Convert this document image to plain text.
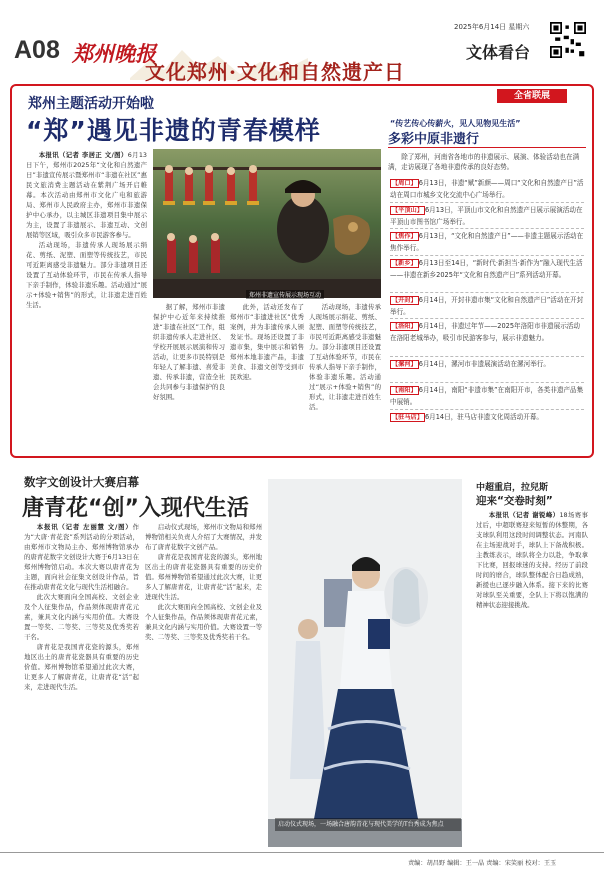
A08 郑州晚报
文化郑州·文化和自然遗产日
2025年6月14日 星期六
文体看台
全省联展
郑州主题活动开始啦
“郑”遇见非遗的青春模样

本报讯（记者 李居正 文/图）6月13日下午，郑州市2025年“文化和自然遗产日”非遗宣传展示暨郑州市“非遗在社区”惠民文旅消费主题活动在紫荆广场开启帷幕。本次活动由郑州市文化广电和旅游局、郑州市人民政府主办，郑州市非遗保护中心承办，以主城区非遗项目集中展示为主，设置了非遗展示、非遗互动、文创展销等区域，吸引众多市民游客参与。

活动现场，非遗传承人现场展示绢花、剪纸、泥塑、面塑等传统技艺，市民可近距离感受非遗魅力。部分非遗项目还设置了互动体验环节，市民在传承人指导下亲手制作，体验非遗乐趣。活动通过“展示+体验+销售”的形式，让非遗走进百姓生活。

郑州非遗宣传展示现场互动

据了解，郑州市非遗保护中心近年来持续推进“非遗在社区”工作，组织非遗传承人走进社区、学校开展展示展演和传习活动，让更多市民特别是年轻人了解非遗、喜爱非遗、传承非遗，营造全社会共同参与非遗保护的良好氛围。

此外，活动还发布了郑州市“非遗进社区”优秀案例，并为非遗传承人颁发证书。现场还设置了非遗市集，集中展示和销售郑州本地非遗产品，非遗美食、非遗文创等受到市民欢迎。

活动现场，非遗传承人现场展示绢花、剪纸、泥塑、面塑等传统技艺，市民可近距离感受非遗魅力。部分非遗项目还设置了互动体验环节，市民在传承人指导下亲手制作，体验非遗乐趣。活动通过“展示+体验+销售”的形式，让非遗走进百姓生活。

“传艺传心传薪火，见人见物见生活”
多彩中原非遗行
除了郑州，河南省各地市的非遗展示、展演、体验活动也在满满，走访展现了各地非遗传承的良好态势。
【周口】 6月13日，非遗“赋”新颜——周口“文化和自然遗产日”活动在周口市城乡文化交流中心广场举行。
【平顶山】 6月13日，平顶山市文化和自然遗产日展示展演活动在平顶山市图书馆广场举行。
【焦作】 6月13日，“文化和自然遗产日”——非遗主题展示活动在焦作举行。
【新乡】 6月13日至14日，“新时代·新担当·新作为”融入现代生活——非遗在新乡2025年“文化和自然遗产日”系列活动开幕。
【开封】 6月14日，开封非遗市集“文化和自然遗产日”活动在开封举行。
【洛阳】 6月14日，非遗过年节——2025年洛阳市非遗展示活动在洛阳老城举办，吸引市民游客参与，展示非遗魅力。
【漯河】 6月14日，漯河市非遗展演活动在漯河举行。
【南阳】 6月14日，南阳“非遗市集”在南阳开市，各类非遗产品集中展销。
【驻马店】 6月14日，驻马店非遗文化周活动开幕。
数字文创设计大赛启幕
唐青花“创”入现代生活

本报讯（记者 左丽慧 文/图）作为“大唐·青花瓷”系列活动的分项活动，由郑州市文物局主办、郑州博物馆承办的唐青花数字文创设计大赛于6月13日在郑州博物馆启动。本次大赛以唐青花为主题，面向社会征集文创设计作品，旨在推动唐青花文化与现代生活相融合。

此次大赛面向全国高校、文创企业及个人征集作品，作品须体现唐青花元素，兼具文化内涵与实用价值。大赛设置一等奖、二等奖、三等奖及优秀奖若干名。

唐青花是我国青花瓷的源头，郑州地区出土的唐青花瓷器具有重要的历史价值。郑州博物馆希望通过此次大赛，让更多人了解唐青花，让唐青花“活”起来，走进现代生活。

启动仪式现场，郑州市文物局和郑州博物馆相关负责人介绍了大赛情况，并发布了唐青花数字文创产品。

唐青花是我国青花瓷的源头，郑州地区出土的唐青花瓷器具有重要的历史价值。郑州博物馆希望通过此次大赛，让更多人了解唐青花，让唐青花“活”起来，走进现代生活。

此次大赛面向全国高校、文创企业及个人征集作品，作品须体现唐青花元素，兼具文化内涵与实用价值。大赛设置一等奖、二等奖、三等奖及优秀奖若干名。

启动仪式现场，一场融合唐韵青花与现代美学的T台秀成为焦点
中超重启，拉兒斯
迎来“交卷时刻”

本报讯（记者 谢锐峰）18场赛事过后，中超联赛迎来短暂的休整期，各支球队利用这段时间调整状态。河南队在主场迎战对手，球队上下备战积极。主教练表示，球队将全力以赴，争取拿下比赛，回报球迷的支持。经历了前段时间的磨合，球队整体配合日趋成熟，新援也已逐步融入体系。接下来的比赛对球队至关重要，全队上下将以饱满的精神状态迎接挑战。

责编：胡昌野 编辑：王一晶 责编：宋笑丽 校对：王玉
